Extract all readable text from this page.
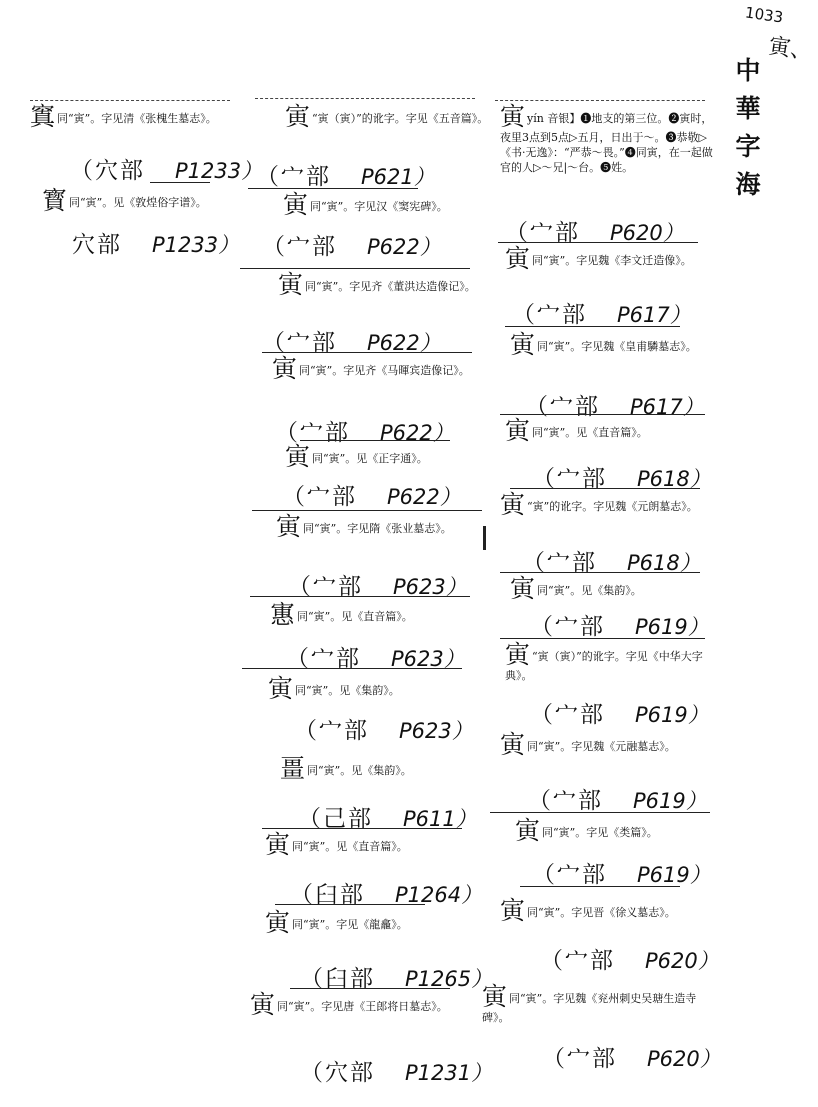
1033
寅、
中
華
字
海
窴同“寅”。字见清《张槐生墓志》。
（穴部 P1233）
寳同“寅”。见《敦煌俗字谱》。
穴部 P1233）
寅 “寅（寅）”的讹字。字见《五音篇》。
（宀部 P621）
寅同“寅”。字见汉《窦宪碑》。
（宀部 P622）
寅同“寅”。字见齐《董洪达造像记》。
（宀部 P622）
寅同“寅”。字见齐《马暉宾造像记》。
（宀部 P622）
寅同“寅”。见《正字通》。
（宀部 P622）
寅同“寅”。字见隋《张业墓志》。
（宀部 P623）
寭同“寅”。见《直音篇》。
（宀部 P623）
寅同“寅”。见《集韵》。
（宀部 P623）
畺同“寅”。见《集韵》。
（己部 P611）
寅同“寅”。见《直音篇》。
（臼部 P1264）
寅同“寅”。字见《龍龕》。
（臼部 P1265）
寅同“寅”。字见唐《王郎将日墓志》。
（穴部 P1231）
寅yín 音银】❶地支的第三位。❷寅时，夜里3点到5点▷五月，日出于～。❸恭敬▷《书·无逸》：“严恭～畏。”❹同寅，在一起做官的人▷～兄|～台。❺姓。
（宀部 P620）
寅同“寅”。字见魏《李文迁造像》。
（宀部 P617）
寅同“寅”。字见魏《皇甫驎墓志》。
（宀部 P617）
寅同“寅”。见《直音篇》。
（宀部 P618）
寅 “寅”的讹字。字见魏《元朗墓志》。
（宀部 P618）
寅同“寅”。见《集韵》。
（宀部 P619）
寅 “寅（寅）”的讹字。字见《中华大字典》。
（宀部 P619）
寅同“寅”。字见魏《元融墓志》。
（宀部 P619）
寅同“寅”。字见《类篇》。
（宀部 P619）
寅同“寅”。字见晋《徐义墓志》。
（宀部 P620）
寅同“寅”。字见魏《兖州刺史吴瑭生造寺碑》。
（宀部 P620）
